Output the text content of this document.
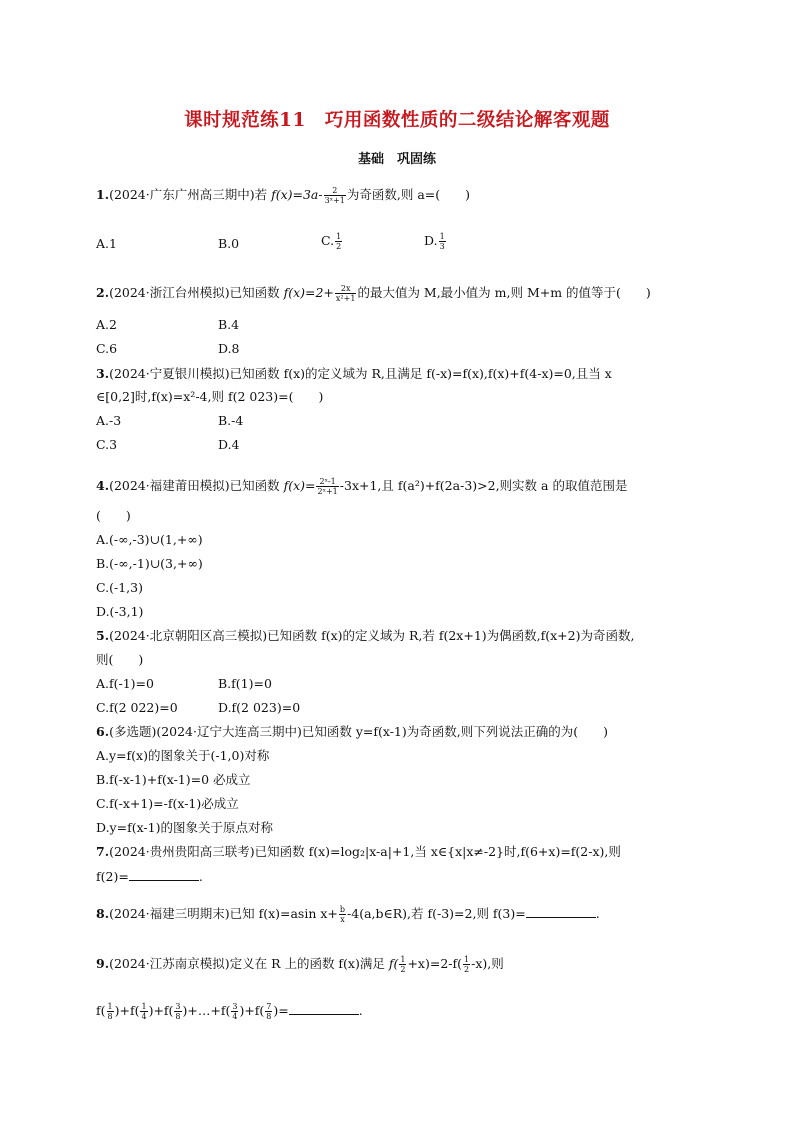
课时规范练11　巧用函数性质的二级结论解客观题
基础　巩固练
1.(2024·广东广州高三期中)若 $f(x)=3a- \frac{2}{\text{3ˣ+1}}$ 为奇函数,则 a=(　　)
A.1	B.0	C. $\frac{1}{2}$	D. $\frac{1}{3}$
2.(2024·浙江台州模拟)已知函数 $f(x)=2+ \frac{2x}{\text{x²+1}}$ 的最大值为 M,最小值为 m,则 M+m 的值等于(　　)
A.2	B.4
C.6	D.8
3.(2024·宁夏银川模拟)已知函数 f(x)的定义域为 R,且满足 f(-x)=f(x),f(x)+f(4-x)=0,且当 x
∈[0,2]时,f(x)=x²-4,则 f(2 023)=(　　)
A.-3	B.-4
C.3	D.4
4.(2024·福建莆田模拟)已知函数 $f(x)= \frac{\text{2ˣ-1}}{\text{2ˣ+1}} -3x+1$,且 f(a²)+f(2a-3)>2,则实数 a 的取值范围是
(　　)
A.(-∞,-3)∪(1,+∞)
B.(-∞,-1)∪(3,+∞)
C.(-1,3)
D.(-3,1)
5.(2024·北京朝阳区高三模拟)已知函数 f(x)的定义域为 R,若 f(2x+1)为偶函数,f(x+2)为奇函数,
则(　　)
A.f(-1)=0	B.f(1)=0
C.f(2 022)=0	D.f(2 023)=0
6.(多选题)(2024·辽宁大连高三期中)已知函数 y=f(x-1)为奇函数,则下列说法正确的为(　　)
A.y=f(x)的图象关于(-1,0)对称
B.f(-x-1)+f(x-1)=0 必成立
C.f(-x+1)=-f(x-1)必成立
D.y=f(x-1)的图象关于原点对称
7.(2024·贵州贵阳高三联考)已知函数 f(x)=log₂|x-a|+1,当 x∈{x|x≠-2}时,f(6+x)=f(2-x),则
f(2)=	.
8.(2024·福建三明期末)已知 f(x)=asin $x+ \frac{b}{x}$ -4(a,b∈R),若 f(-3)=2,则 f(3)=	.
9.(2024·江苏南京模拟)定义在 R 上的函数 f(x)满足 $f( \frac{1}{2} +x)=2-f( \frac{1}{2} -x)$,则
$f( \frac{1}{8} )+f( \frac{1}{4} )+f( \frac{3}{8}$ )+…+f( $\frac{3}{4} )+f( \frac{7}{8}$ )=	.
